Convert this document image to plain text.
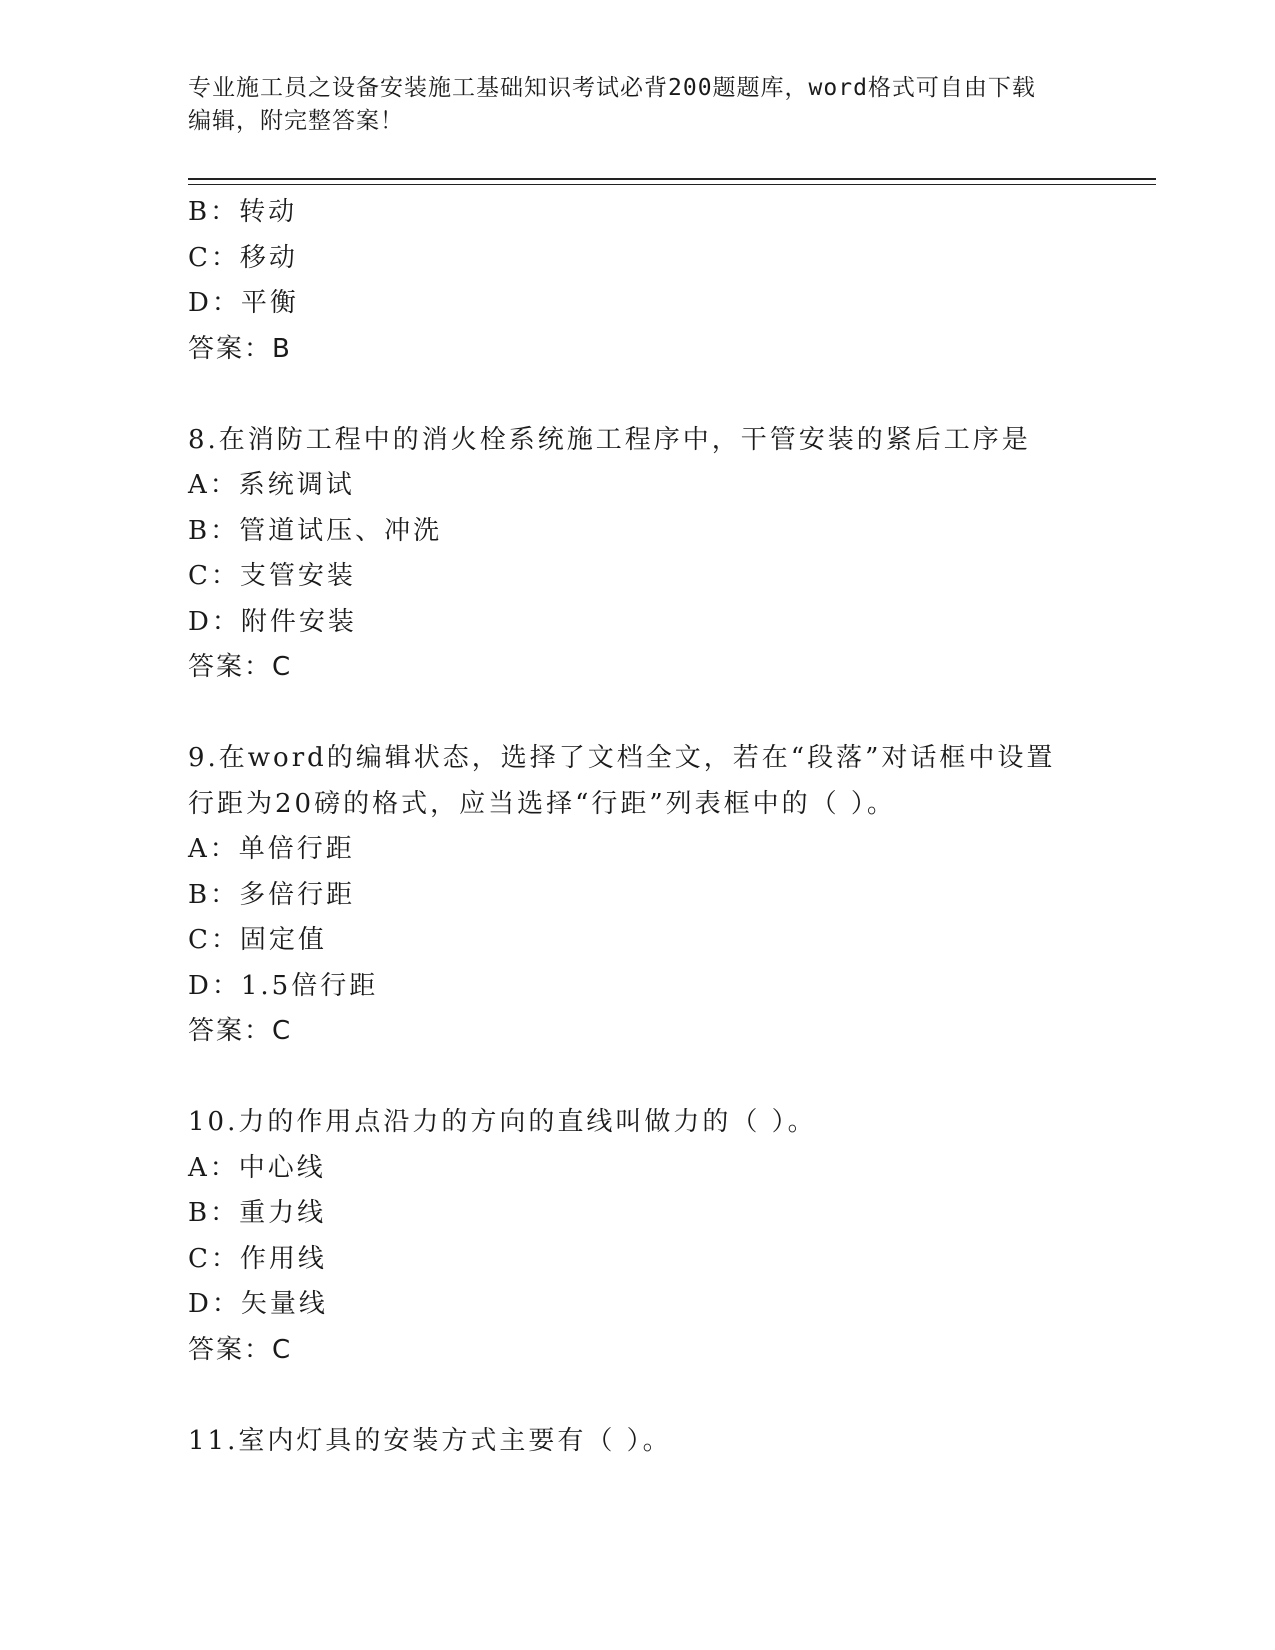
专业施工员之设备安装施工基础知识考试必背200题题库，word格式可自由下载
编辑，附完整答案！
B：转动
C：移动
D：平衡
答案：B
8.在消防工程中的消火栓系统施工程序中，干管安装的紧后工序是
A：系统调试
B：管道试压、冲洗
C：支管安装
D：附件安装
答案：C
9.在word的编辑状态，选择了文档全文，若在“段落”对话框中设置
行距为20磅的格式，应当选择“行距”列表框中的（ ）。
A：单倍行距
B：多倍行距
C：固定值
D：1.5倍行距
答案：C
10.力的作用点沿力的方向的直线叫做力的（ ）。
A：中心线
B：重力线
C：作用线
D：矢量线
答案：C
11.室内灯具的安装方式主要有（ ）。
